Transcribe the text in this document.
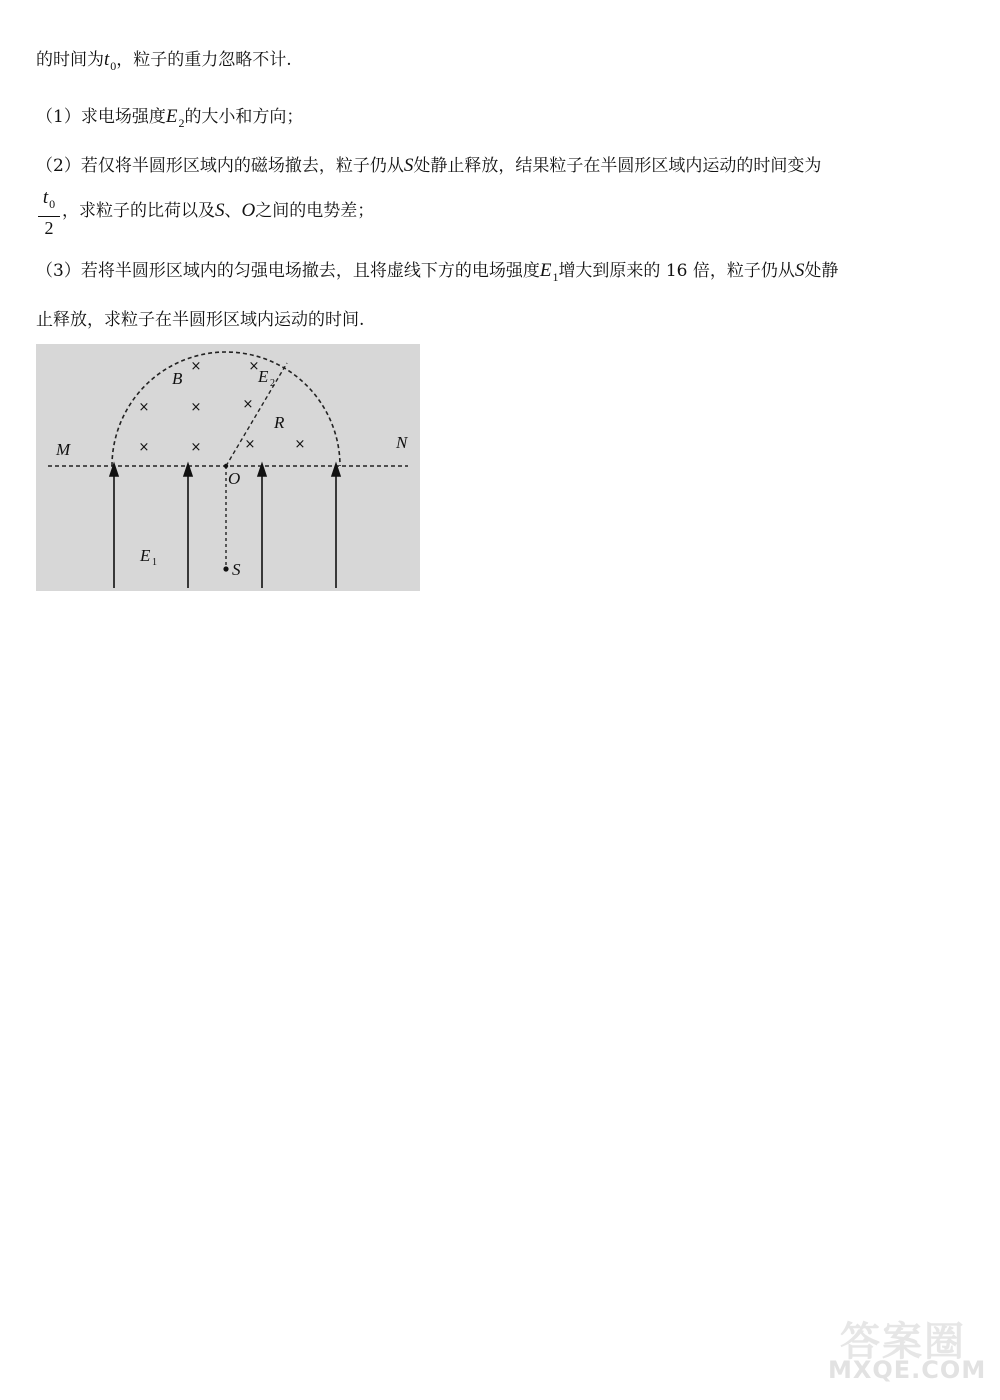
的时间为$t_0$，粒子的重力忽略不计.
（1）求电场强度$E_2$的大小和方向；
（2）若仅将半圆形区域内的磁场撤去，粒子仍从S处静止释放，结果粒子在半圆形区域内运动的时间变为
$t_0$
2
，求粒子的比荷以及S、O之间的电势差；
（3）若将半圆形区域内的匀强电场撤去，且将虚线下方的电场强度$E_1$增大到原来的 16 倍，粒子仍从S处静
止释放，求粒子在半圆形区域内运动的时间.
×	×
×	×	×
×	×	×	×
M	N
B	E
R
O
S
E
2
1
答案圈
MXQE.COM
